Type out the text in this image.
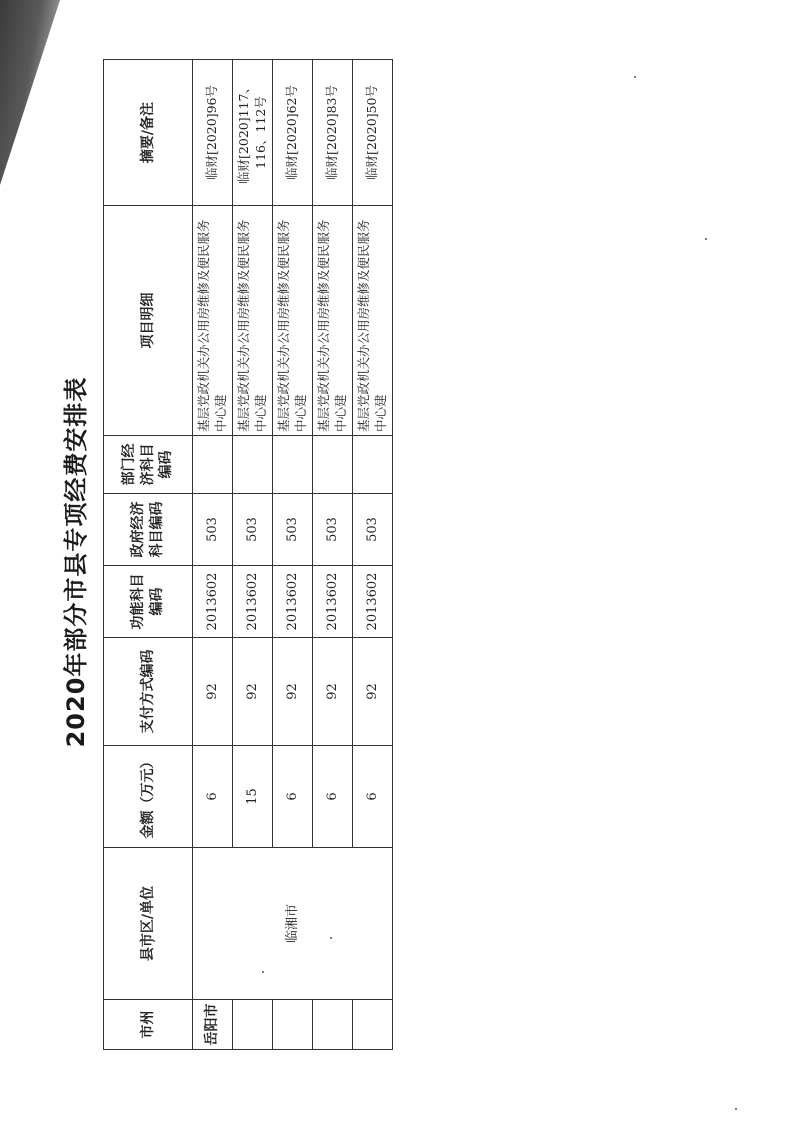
2020年部分市县专项经费安排表
市州	县市区/单位	金额（万元）	支付方式编码	功能科目编码	政府经济科目编码	部门经济科目编码	项目明细	摘要/备注
岳阳市	临湘市	6	92	2013602	503		基层党政机关办公用房维修及便民服务中心建	临财[2020]96号
		15	92	2013602	503		基层党政机关办公用房维修及便民服务中心建	临财[2020]117、116、112号
		6	92	2013602	503		基层党政机关办公用房维修及便民服务中心建	临财[2020]62号
		6	92	2013602	503		基层党政机关办公用房维修及便民服务中心建	临财[2020]83号
		6	92	2013602	503		基层党政机关办公用房维修及便民服务中心建	临财[2020]50号
